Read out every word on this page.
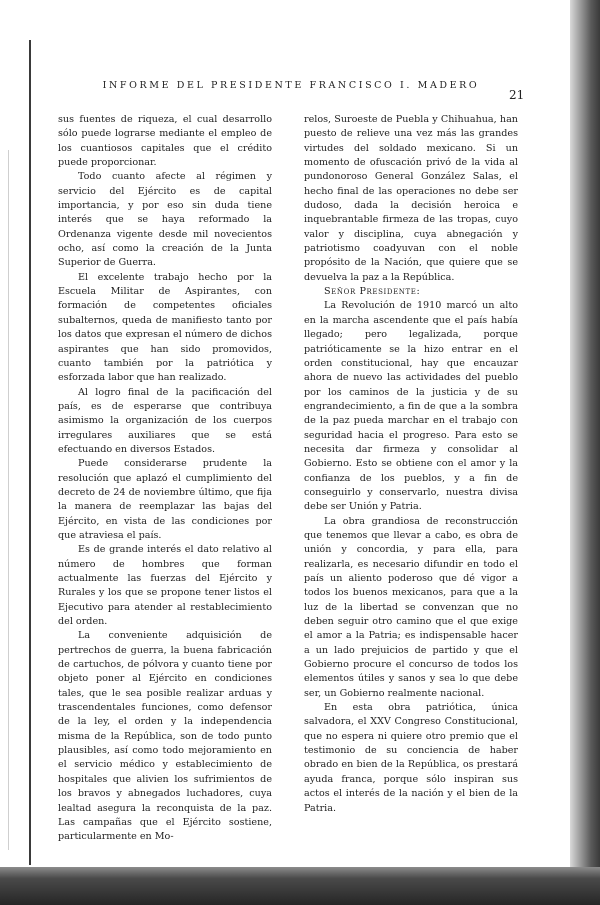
INFORME DEL PRESIDENTE FRANCISCO I. MADERO
21

sus fuentes de riqueza, el cual desarrollo sólo puede lograrse mediante el empleo de los cuantiosos capitales que el crédito puede proporcionar.

Todo cuanto afecte al régimen y servicio del Ejército es de capital importancia, y por eso sin duda tiene interés que se haya reformado la Ordenanza vigente desde mil novecientos ocho, así como la creación de la Junta Superior de Guerra.

El excelente trabajo hecho por la Escuela Militar de Aspirantes, con formación de competentes oficiales subalternos, queda de manifiesto tanto por los datos que expresan el número de dichos aspirantes que han sido promovidos, cuanto también por la patriótica y esforzada labor que han realizado.

Al logro final de la pacificación del país, es de esperarse que contribuya asimismo la organización de los cuerpos irregulares auxiliares que se está efectuando en diversos Estados.

Puede considerarse prudente la resolución que aplazó el cumplimiento del decreto de 24 de noviembre último, que fija la manera de reemplazar las bajas del Ejército, en vista de las condiciones por que atraviesa el país.

Es de grande interés el dato relativo al número de hombres que forman actualmente las fuerzas del Ejército y Rurales y los que se propone tener listos el Ejecutivo para atender al restablecimiento del orden.

La conveniente adquisición de pertrechos de guerra, la buena fabricación de cartuchos, de pólvora y cuanto tiene por objeto poner al Ejército en condiciones tales, que le sea posible realizar arduas y trascendentales funciones, como defensor de la ley, el orden y la independencia misma de la República, son de todo punto plausibles, así como todo mejoramiento en el servicio médico y establecimiento de hospitales que alivien los sufrimientos de los bravos y abnegados luchadores, cuya lealtad asegura la reconquista de la paz. Las campañas que el Ejército sostiene, particularmente en Mo-

relos, Suroeste de Puebla y Chihuahua, han puesto de relieve una vez más las grandes virtudes del soldado mexicano. Si un momento de ofuscación privó de la vida al pundonoroso General González Salas, el hecho final de las operaciones no debe ser dudoso, dada la decisión heroica e inquebrantable firmeza de las tropas, cuyo valor y disciplina, cuya abnegación y patriotismo coadyuvan con el noble propósito de la Nación, que quiere que se devuelva la paz a la República.

Señor Presidente:

La Revolución de 1910 marcó un alto en la marcha ascendente que el país había llegado; pero legalizada, porque patrióticamente se la hizo entrar en el orden constitucional, hay que encauzar ahora de nuevo las actividades del pueblo por los caminos de la justicia y de su engrandecimiento, a fin de que a la sombra de la paz pueda marchar en el trabajo con seguridad hacia el progreso. Para esto se necesita dar firmeza y consolidar al Gobierno. Esto se obtiene con el amor y la confianza de los pueblos, y a fin de conseguirlo y conservarlo, nuestra divisa debe ser Unión y Patria.

La obra grandiosa de reconstrucción que tenemos que llevar a cabo, es obra de unión y concordia, y para ella, para realizarla, es necesario difundir en todo el país un aliento poderoso que dé vigor a todos los buenos mexicanos, para que a la luz de la libertad se convenzan que no deben seguir otro camino que el que exige el amor a la Patria; es indispensable hacer a un lado prejuicios de partido y que el Gobierno procure el concurso de todos los elementos útiles y sanos y sea lo que debe ser, un Gobierno realmente nacional.

En esta obra patriótica, única salvadora, el XXV Congreso Constitucional, que no espera ni quiere otro premio que el testimonio de su conciencia de haber obrado en bien de la República, os prestará ayuda franca, porque sólo inspiran sus actos el interés de la nación y el bien de la Patria.
